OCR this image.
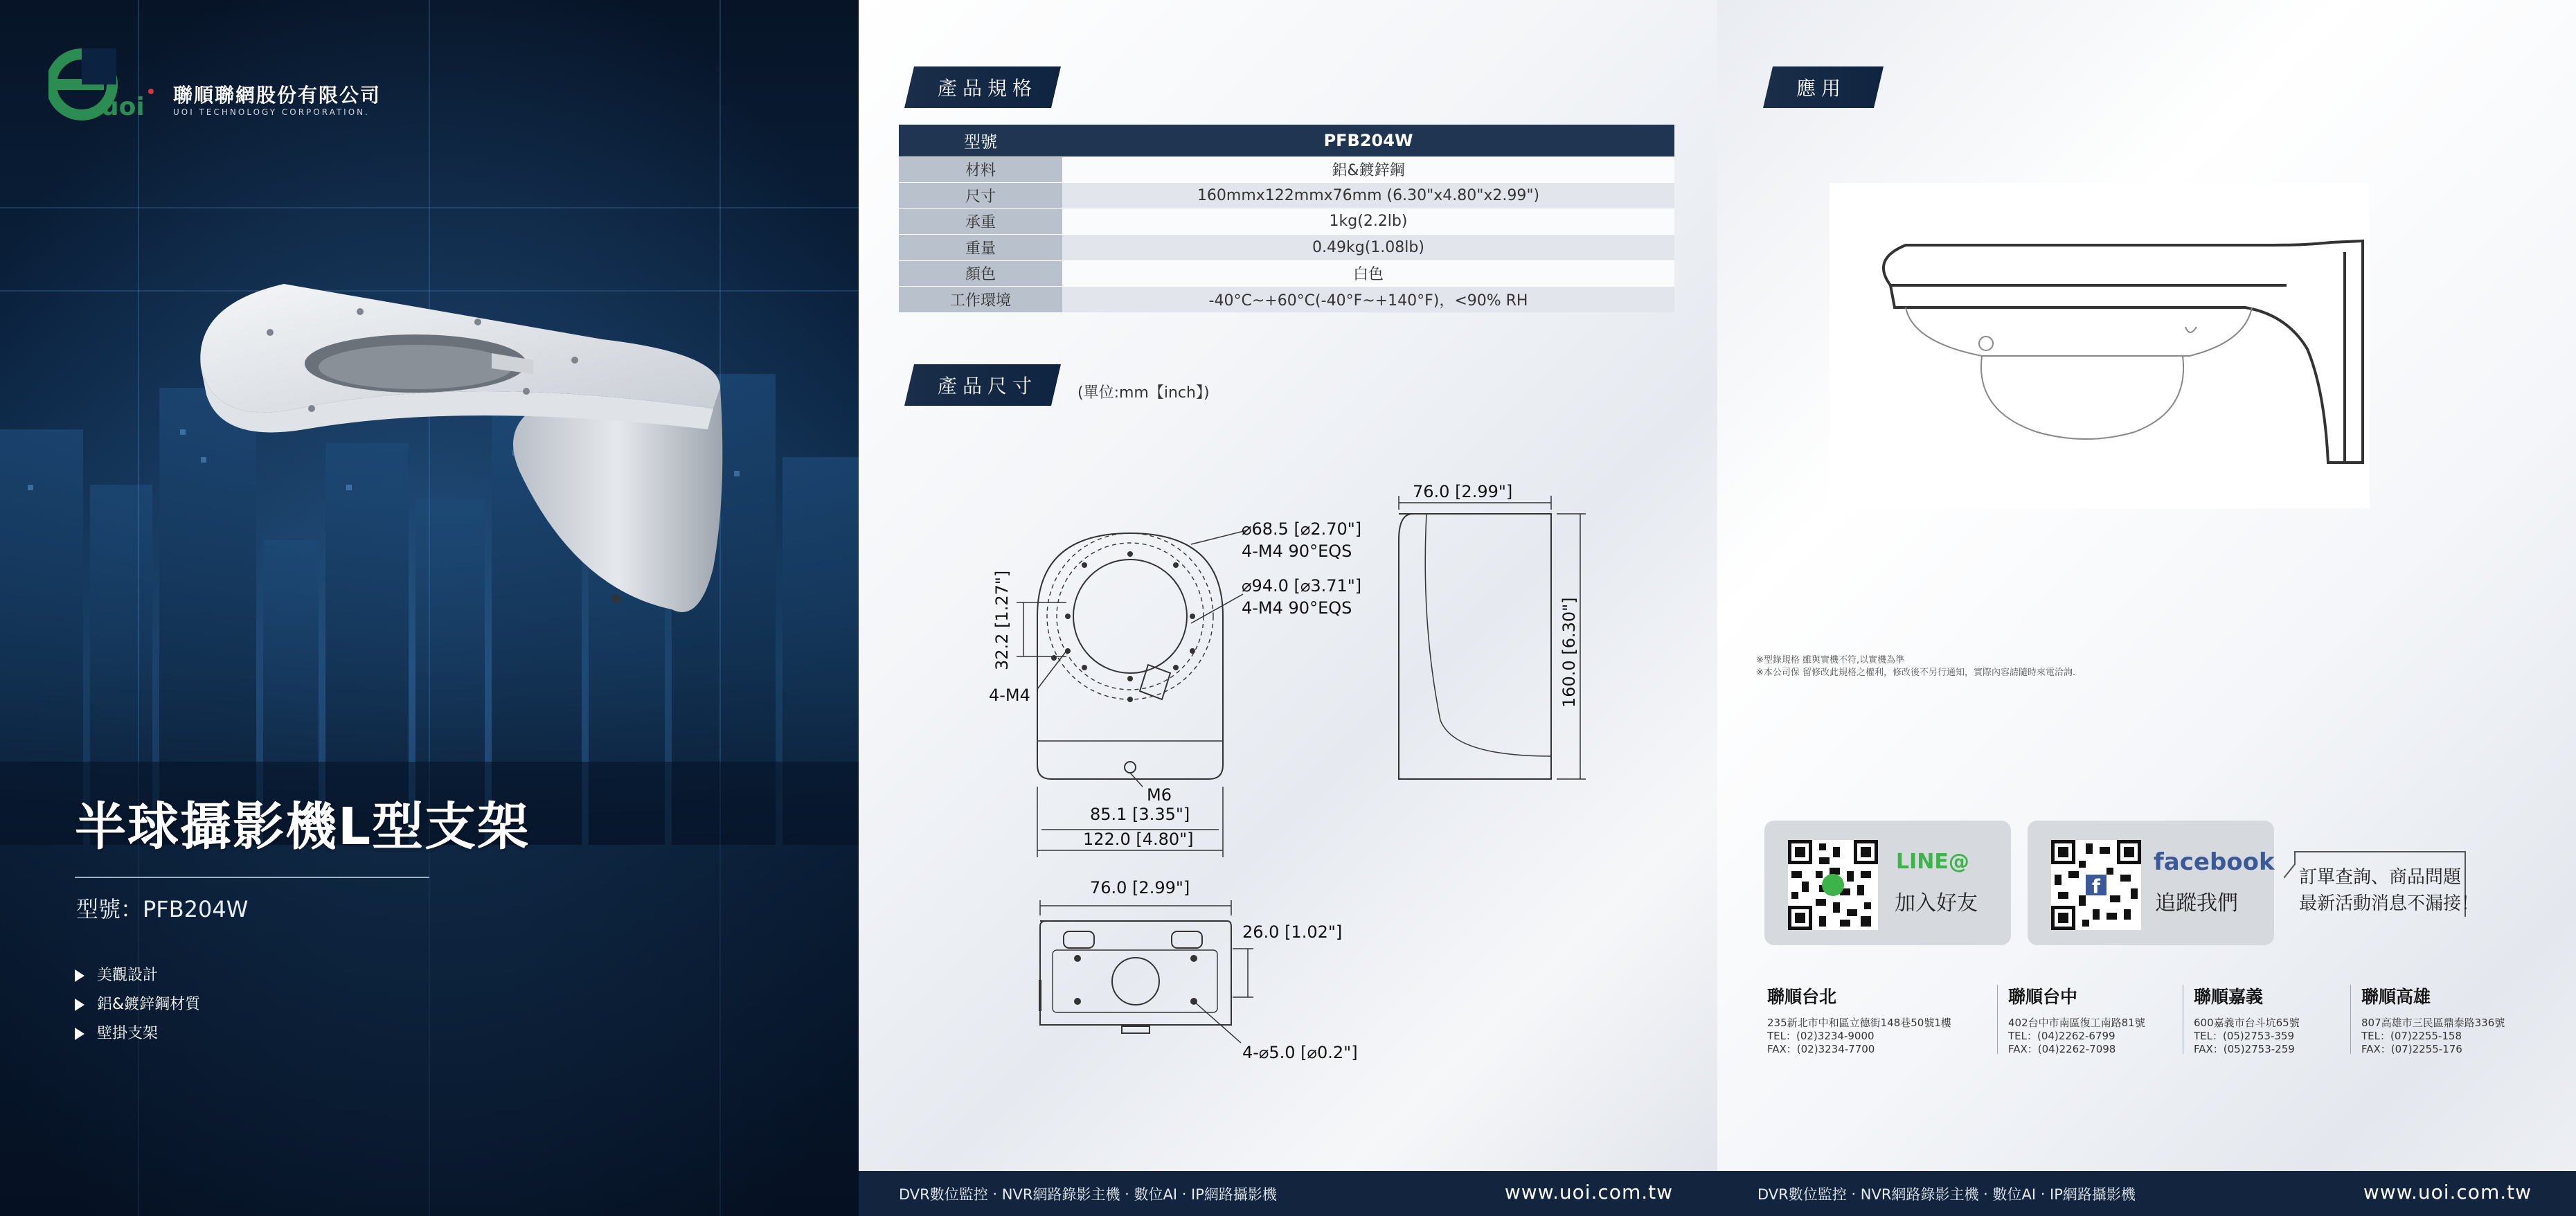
uoi 聯順聯網股份有限公司
UOI TECHNOLOGY CORPORATION.
半球攝影機L型支架
型號：PFB204W
美觀設計
鋁&鍍鋅鋼材質
壁掛支架
產品規格
型號	PFB204W
材料	鋁&鍍鋅鋼
尺寸	160mmx122mmx76mm (6.30"x4.80"x2.99")
承重	1kg(2.2lb)
重量	0.49kg(1.08lb)
顏色	白色
工作環境	-40°C~+60°C(-40°F~+140°F)，<90% RH
產品尺寸	(單位:mm【inch】)
⌀68.5 [⌀2.70"]
4-M4 90°EQS
⌀94.0 [⌀3.71"]
4-M4 90°EQS
32.2 [1.27"]
4-M4
M6
85.1 [3.35"]
122.0 [4.80"]
76.0 [2.99"]
160.0 [6.30"]
76.0 [2.99"]
26.0 [1.02"]
4-⌀5.0 [⌀0.2"]
DVR數位監控 ‧ NVR網路錄影主機 ‧ 數位AI ‧ IP網路攝影機	www.uoi.com.tw
應用
※型錄規格 雖與實機不符,以實機為準
※本公司保 留修改此規格之權利，修改後不另行通知，實際內容請隨時來電洽詢.
LINE@
加入好友
f
facebook
追蹤我們
訂單查詢、商品問題
最新活動消息不漏接！
聯順台北
235新北市中和區立德街148巷50號1樓
TEL：(02)3234-9000
FAX：(02)3234-7700
聯順台中
402台中市南區復工南路81號
TEL：(04)2262-6799
FAX：(04)2262-7098
聯順嘉義
600嘉義市台斗坑65號
TEL：(05)2753-359
FAX：(05)2753-259
聯順高雄
807高雄市三民區鼎泰路336號
TEL：(07)2255-158
FAX：(07)2255-176
DVR數位監控 ‧ NVR網路錄影主機 ‧ 數位AI ‧ IP網路攝影機	www.uoi.com.tw
